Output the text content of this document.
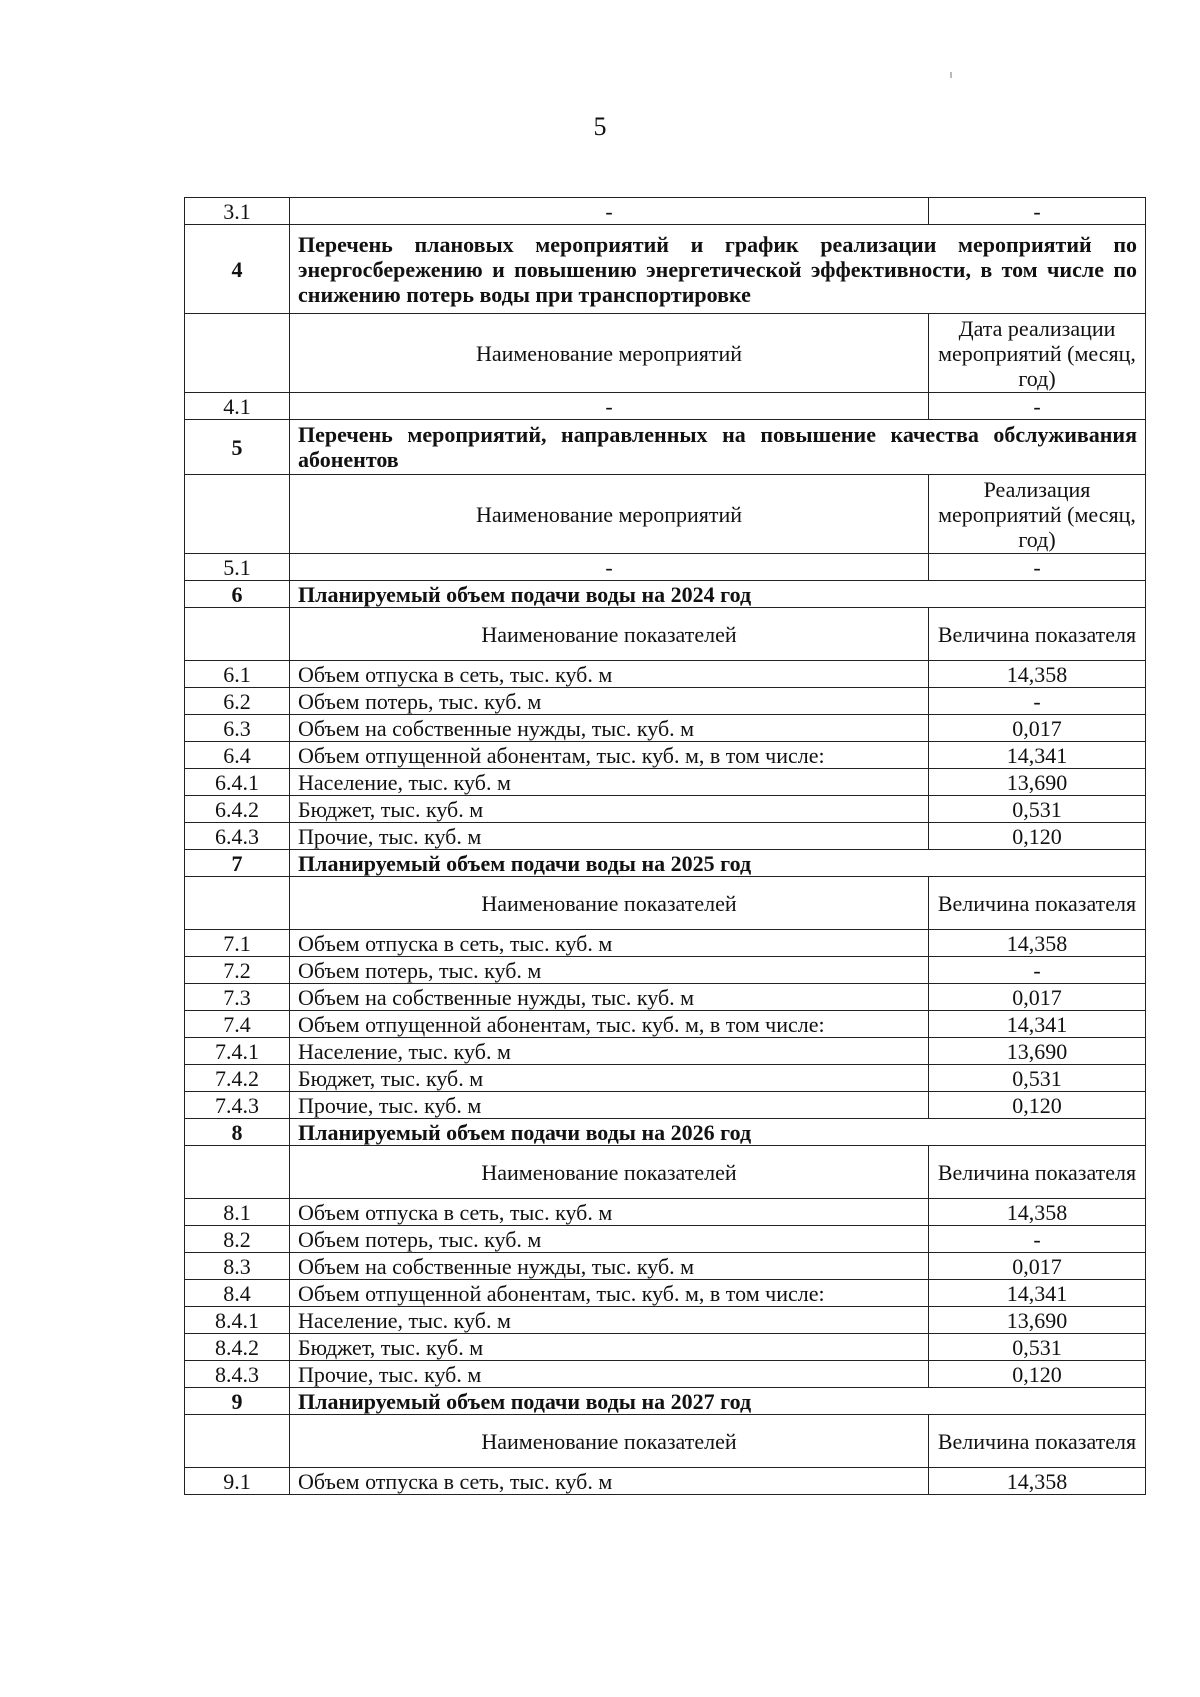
5
3.1	-	-
4	Перечень плановых мероприятий и график реализации мероприятий по энергосбережению и повышению энергетической эффективности, в том числе по снижению потерь воды при транспортировке	
	Наименование мероприятий	Дата реализации мероприятий (месяц, год)
4.1	-	-
5	Перечень мероприятий, направленных на повышение качества обслуживания абонентов	
	Наименование мероприятий	Реализация мероприятий (месяц, год)
5.1	-	-
6	Планируемый объем подачи воды на 2024 год	
	Наименование показателей	Величина показателя
6.1	Объем отпуска в сеть, тыс. куб. м	14,358
6.2	Объем потерь, тыс. куб. м	-
6.3	Объем на собственные нужды, тыс. куб. м	0,017
6.4	Объем отпущенной абонентам, тыс. куб. м, в том числе:	14,341
6.4.1	Население, тыс. куб. м	13,690
6.4.2	Бюджет, тыс. куб. м	0,531
6.4.3	Прочие, тыс. куб. м	0,120
7	Планируемый объем подачи воды на 2025 год	
	Наименование показателей	Величина показателя
7.1	Объем отпуска в сеть, тыс. куб. м	14,358
7.2	Объем потерь, тыс. куб. м	-
7.3	Объем на собственные нужды, тыс. куб. м	0,017
7.4	Объем отпущенной абонентам, тыс. куб. м, в том числе:	14,341
7.4.1	Население, тыс. куб. м	13,690
7.4.2	Бюджет, тыс. куб. м	0,531
7.4.3	Прочие, тыс. куб. м	0,120
8	Планируемый объем подачи воды на 2026 год	
	Наименование показателей	Величина показателя
8.1	Объем отпуска в сеть, тыс. куб. м	14,358
8.2	Объем потерь, тыс. куб. м	-
8.3	Объем на собственные нужды, тыс. куб. м	0,017
8.4	Объем отпущенной абонентам, тыс. куб. м, в том числе:	14,341
8.4.1	Население, тыс. куб. м	13,690
8.4.2	Бюджет, тыс. куб. м	0,531
8.4.3	Прочие, тыс. куб. м	0,120
9	Планируемый объем подачи воды на 2027 год	
	Наименование показателей	Величина показателя
9.1	Объем отпуска в сеть, тыс. куб. м	14,358
